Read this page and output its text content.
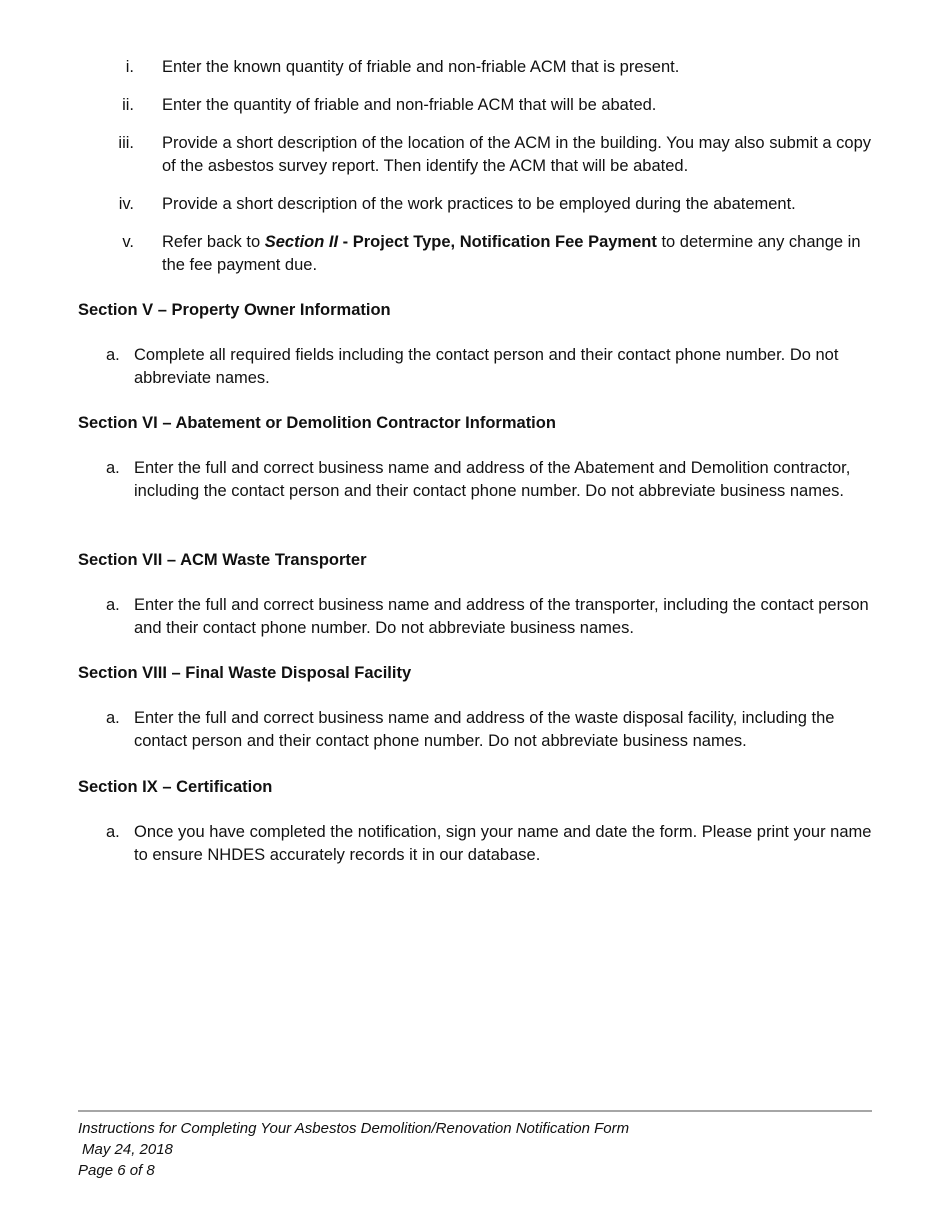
i. Enter the known quantity of friable and non-friable ACM that is present.
ii. Enter the quantity of friable and non-friable ACM that will be abated.
iii. Provide a short description of the location of the ACM in the building. You may also submit a copy of the asbestos survey report. Then identify the ACM that will be abated.
iv. Provide a short description of the work practices to be employed during the abatement.
v. Refer back to Section II - Project Type, Notification Fee Payment to determine any change in the fee payment due.

Section V – Property Owner Information

a. Complete all required fields including the contact person and their contact phone number. Do not abbreviate names.

Section VI – Abatement or Demolition Contractor Information

a. Enter the full and correct business name and address of the Abatement and Demolition contractor, including the contact person and their contact phone number. Do not abbreviate business names.

Section VII – ACM Waste Transporter

a. Enter the full and correct business name and address of the transporter, including the contact person and their contact phone number. Do not abbreviate business names.

Section VIII – Final Waste Disposal Facility

a. Enter the full and correct business name and address of the waste disposal facility, including the contact person and their contact phone number. Do not abbreviate business names.

Section IX – Certification

a. Once you have completed the notification, sign your name and date the form. Please print your name to ensure NHDES accurately records it in our database.
Instructions for Completing Your Asbestos Demolition/Renovation Notification Form
May 24, 2018
Page 6 of 8
